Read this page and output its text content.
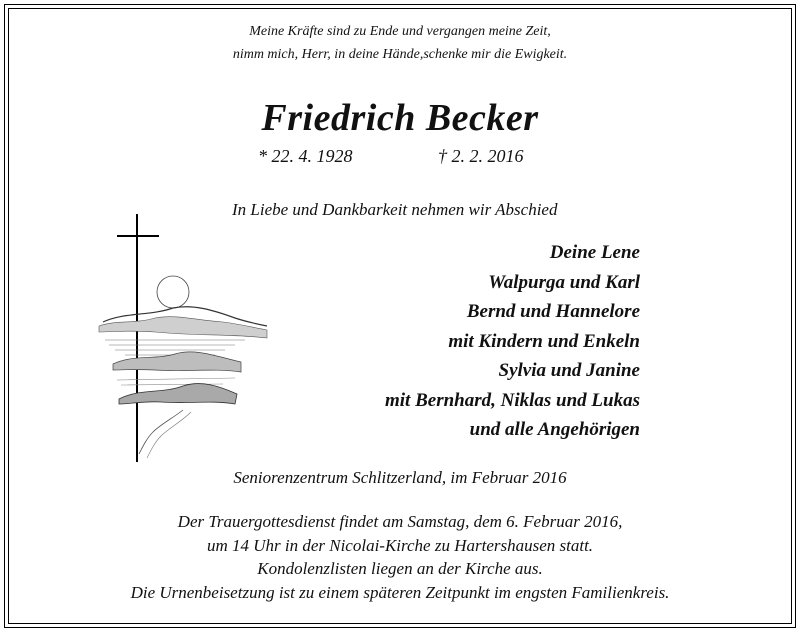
Meine Kräfte sind zu Ende und vergangen meine Zeit,
nimm mich, Herr, in deine Hände,schenke mir die Ewigkeit.
Friedrich Becker
* 22. 4. 1928	† 2. 2. 2016
In Liebe und Dankbarkeit nehmen wir Abschied
Deine Lene
Walpurga und Karl
Bernd und Hannelore
mit Kindern und Enkeln
Sylvia und Janine
mit Bernhard, Niklas und Lukas
und alle Angehörigen
Seniorenzentrum Schlitzerland, im Februar 2016
Der Trauergottesdienst findet am Samstag, dem 6. Februar 2016,
um 14 Uhr in der Nicolai-Kirche zu Hartershausen statt.
Kondolenzlisten liegen an der Kirche aus.
Die Urnenbeisetzung ist zu einem späteren Zeitpunkt im engsten Familienkreis.
